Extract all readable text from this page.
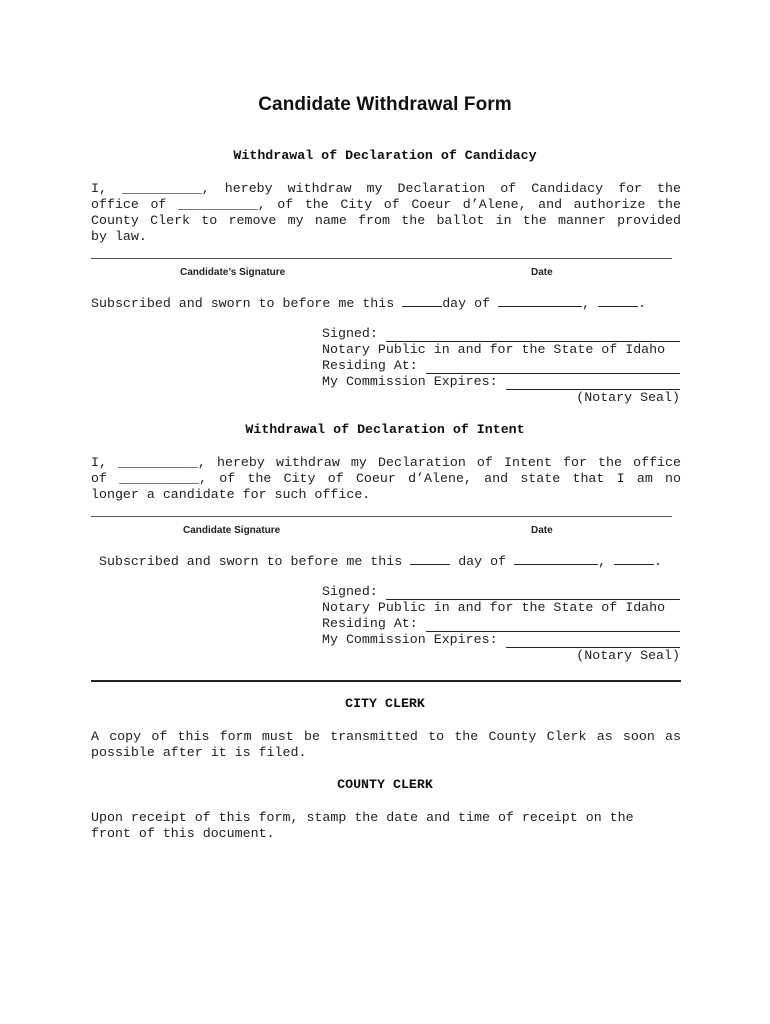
Candidate Withdrawal Form
Withdrawal of Declaration of Candidacy
I, __________, hereby withdraw my Declaration of Candidacy for the
office of __________, of the City of Coeur d’Alene, and authorize the
County Clerk to remove my name from the ballot in the manner provided
by law.
Candidate’s Signature	Date
Subscribed and sworn to before me this	day of	,	.
Signed:
Notary Public in and for the State of Idaho
Residing At:
My Commission Expires:
(Notary Seal)
Withdrawal of Declaration of Intent
I, __________, hereby withdraw my Declaration of Intent for the office
of __________, of the City of Coeur d’Alene, and state that I am no
longer a candidate for such office.
Candidate Signature	Date
Subscribed and sworn to before me this	day of	,	.
Signed:
Notary Public in and for the State of Idaho
Residing At:
My Commission Expires:
(Notary Seal)
CITY CLERK
A copy of this form must be transmitted to the County Clerk as soon as
possible after it is filed.
COUNTY CLERK
Upon receipt of this form, stamp the date and time of receipt on the
front of this document.
